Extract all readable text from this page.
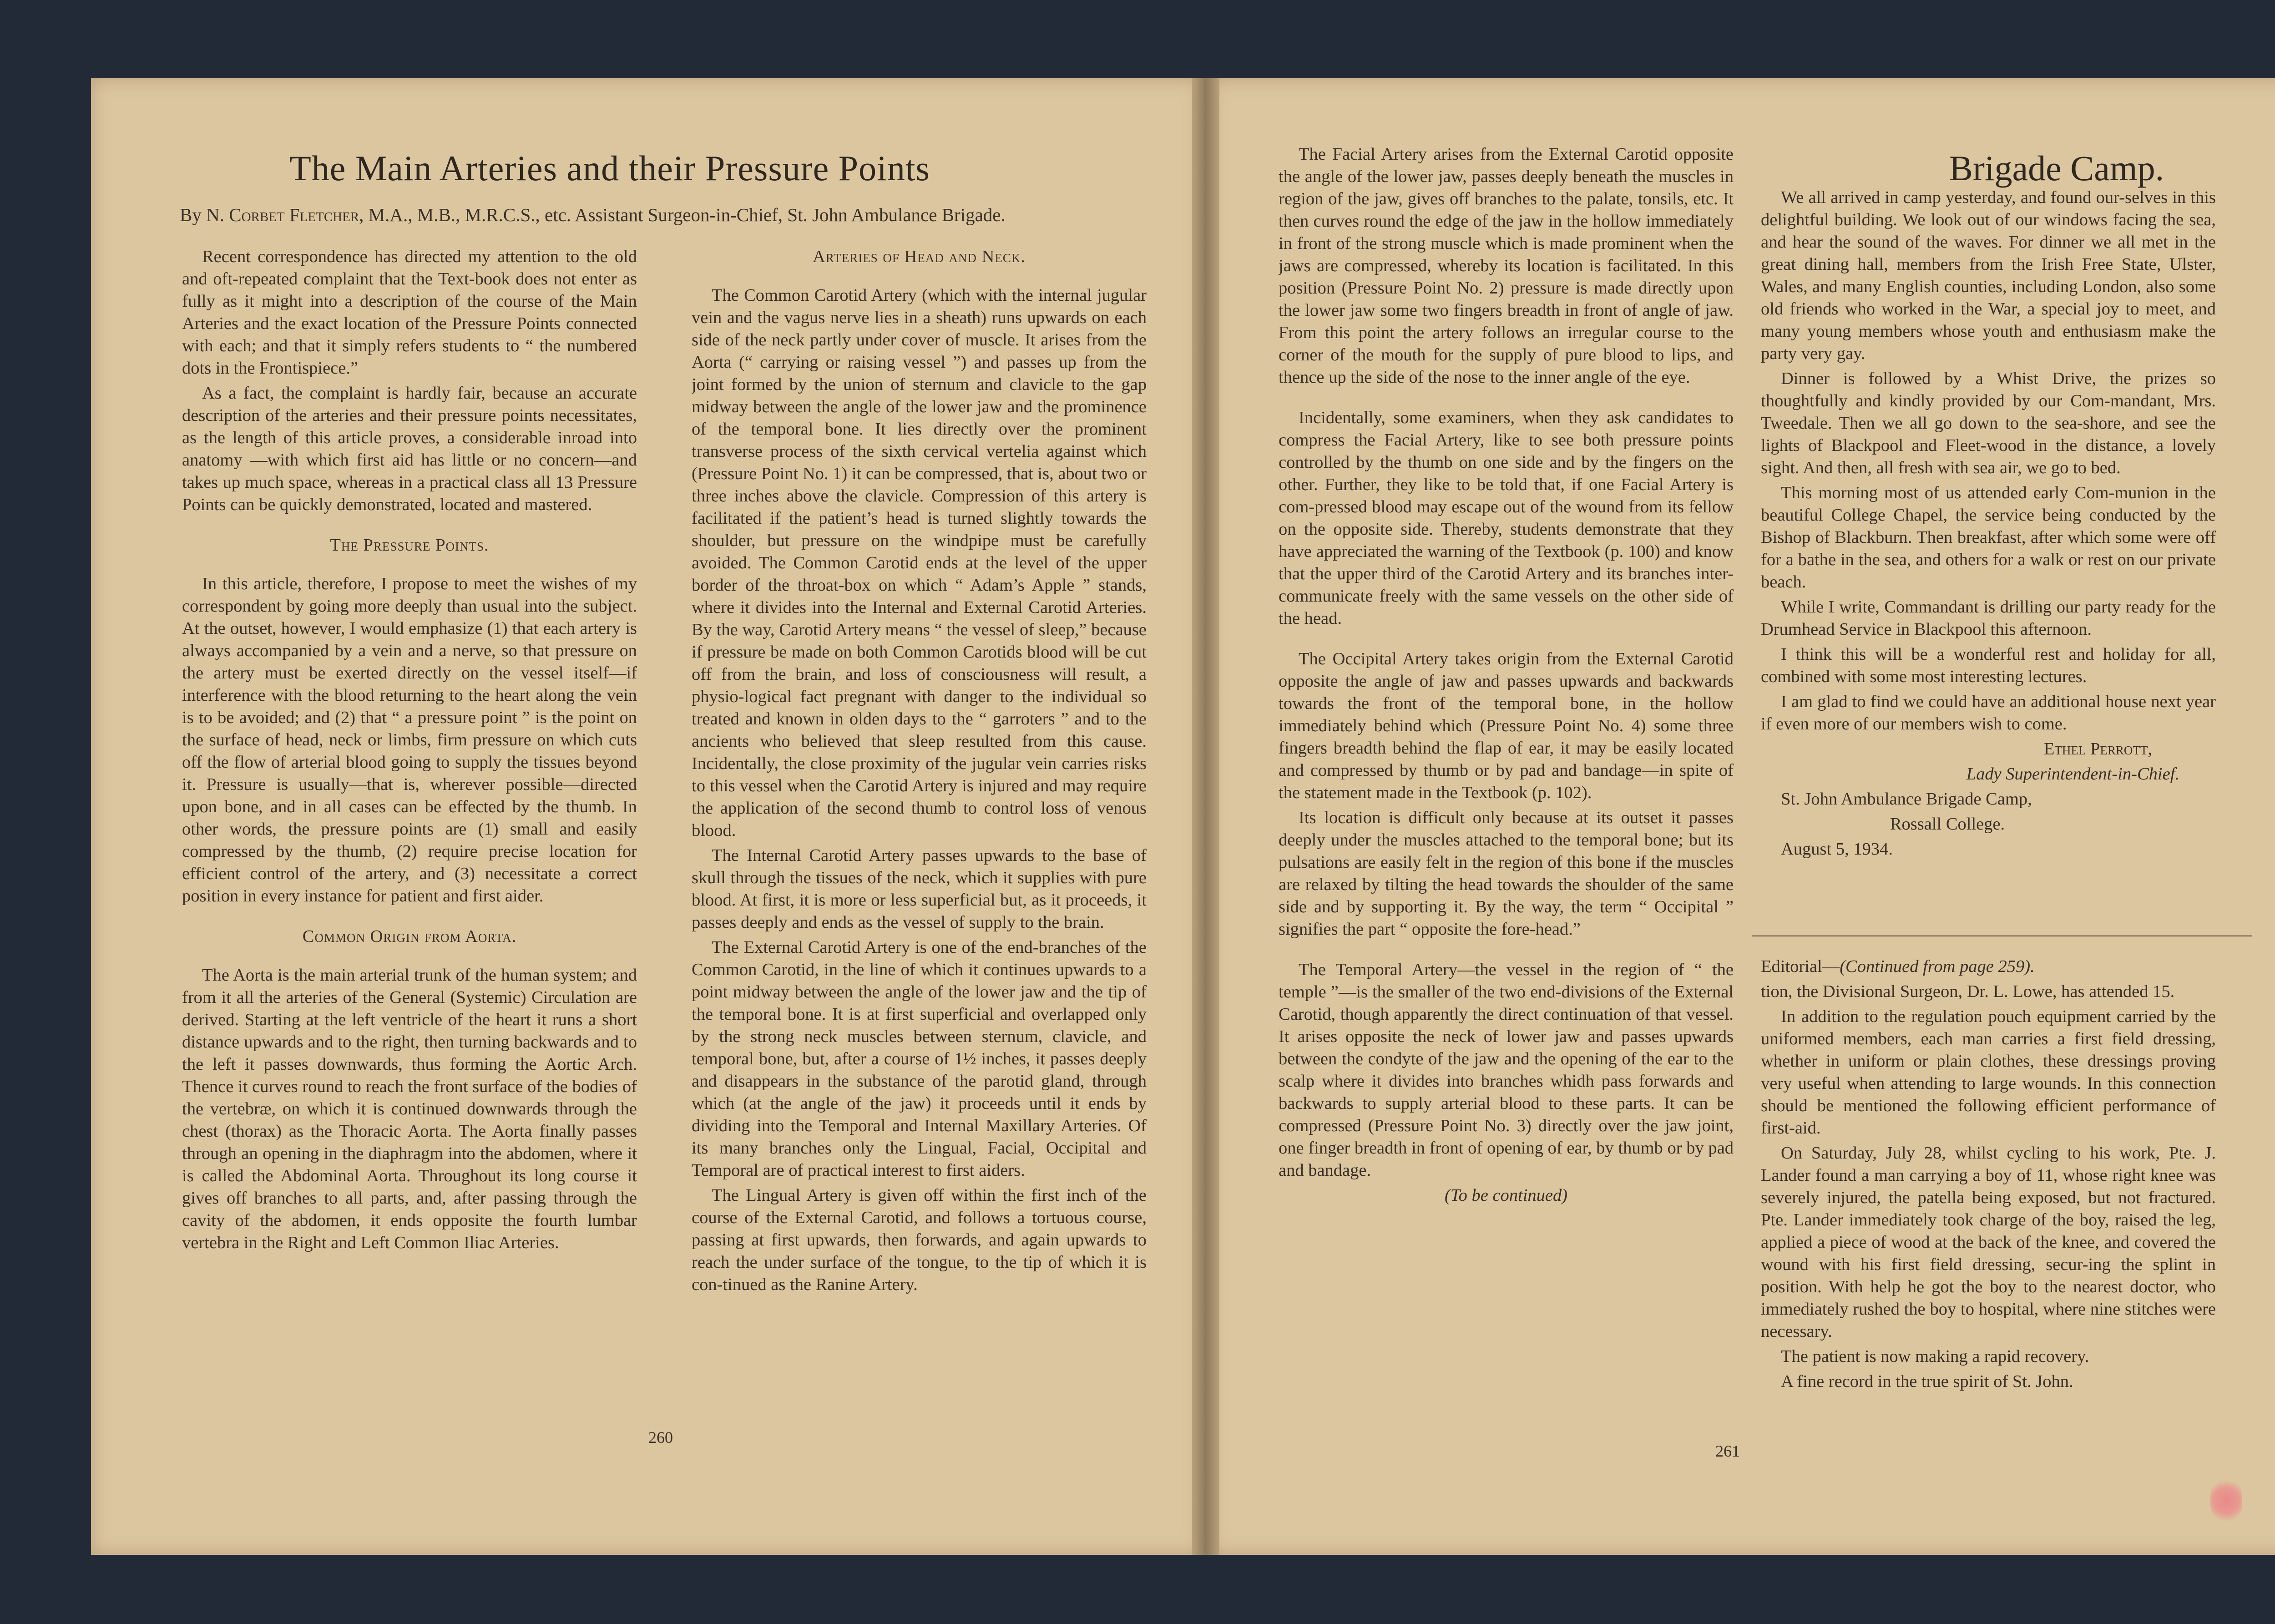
The Main Arteries and their Pressure Points
By N. Corbet Fletcher, M.A., M.B., M.R.C.S., etc. Assistant Surgeon-in-Chief, St. John Ambulance Brigade.

Recent correspondence has directed my attention to the old and oft-repeated complaint that the Text-book does not enter as fully as it might into a description of the course of the Main Arteries and the exact location of the Pressure Points connected with each; and that it simply refers students to “ the numbered dots in the Frontispiece.”

As a fact, the complaint is hardly fair, because an accurate description of the arteries and their pressure points necessitates, as the length of this article proves, a considerable inroad into anatomy —with which first aid has little or no concern—and takes up much space, whereas in a practical class all 13 Pressure Points can be quickly demonstrated, located and mastered.

The Pressure Points.

In this article, therefore, I propose to meet the wishes of my correspondent by going more deeply than usual into the subject. At the outset, however, I would emphasize (1) that each artery is always accompanied by a vein and a nerve, so that pressure on the artery must be exerted directly on the vessel itself—if interference with the blood returning to the heart along the vein is to be avoided; and (2) that “ a pressure point ” is the point on the surface of head, neck or limbs, firm pressure on which cuts off the flow of arterial blood going to supply the tissues beyond it. Pressure is usually—that is, wherever possible—directed upon bone, and in all cases can be effected by the thumb. In other words, the pressure points are (1) small and easily compressed by the thumb, (2) require precise location for efficient control of the artery, and (3) necessitate a correct position in every instance for patient and first aider.

Common Origin from Aorta.

The Aorta is the main arterial trunk of the human system; and from it all the arteries of the General (Systemic) Circulation are derived. Starting at the left ventricle of the heart it runs a short distance upwards and to the right, then turning backwards and to the left it passes downwards, thus forming the Aortic Arch. Thence it curves round to reach the front surface of the bodies of the vertebræ, on which it is continued downwards through the chest (thorax) as the Thoracic Aorta. The Aorta finally passes through an opening in the diaphragm into the abdomen, where it is called the Abdominal Aorta. Throughout its long course it gives off branches to all parts, and, after passing through the cavity of the abdomen, it ends opposite the fourth lumbar vertebra in the Right and Left Common Iliac Arteries.

Arteries of Head and Neck.

The Common Carotid Artery (which with the internal jugular vein and the vagus nerve lies in a sheath) runs upwards on each side of the neck partly under cover of muscle. It arises from the Aorta (“ carrying or raising vessel ”) and passes up from the joint formed by the union of sternum and clavicle to the gap midway between the angle of the lower jaw and the prominence of the temporal bone. It lies directly over the prominent transverse process of the sixth cervical vertelia against which (Pressure Point No. 1) it can be compressed, that is, about two or three inches above the clavicle. Compression of this artery is facilitated if the patient’s head is turned slightly towards the shoulder, but pressure on the windpipe must be carefully avoided. The Common Carotid ends at the level of the upper border of the throat-box on which “ Adam’s Apple ” stands, where it divides into the Internal and External Carotid Arteries. By the way, Carotid Artery means “ the vessel of sleep,” because if pressure be made on both Common Carotids blood will be cut off from the brain, and loss of consciousness will result, a physio-logical fact pregnant with danger to the individual so treated and known in olden days to the “ garroters ” and to the ancients who believed that sleep resulted from this cause. Incidentally, the close proximity of the jugular vein carries risks to this vessel when the Carotid Artery is injured and may require the application of the second thumb to control loss of venous blood.

The Internal Carotid Artery passes upwards to the base of skull through the tissues of the neck, which it supplies with pure blood. At first, it is more or less superficial but, as it proceeds, it passes deeply and ends as the vessel of supply to the brain.

The External Carotid Artery is one of the end-branches of the Common Carotid, in the line of which it continues upwards to a point midway between the angle of the lower jaw and the tip of the temporal bone. It is at first superficial and overlapped only by the strong neck muscles between sternum, clavicle, and temporal bone, but, after a course of 1½ inches, it passes deeply and disappears in the substance of the parotid gland, through which (at the angle of the jaw) it proceeds until it ends by dividing into the Temporal and Internal Maxillary Arteries. Of its many branches only the Lingual, Facial, Occipital and Temporal are of practical interest to first aiders.

The Lingual Artery is given off within the first inch of the course of the External Carotid, and follows a tortuous course, passing at first upwards, then forwards, and again upwards to reach the under surface of the tongue, to the tip of which it is con-tinued as the Ranine Artery.

260

The Facial Artery arises from the External Carotid opposite the angle of the lower jaw, passes deeply beneath the muscles in region of the jaw, gives off branches to the palate, tonsils, etc. It then curves round the edge of the jaw in the hollow immediately in front of the strong muscle which is made prominent when the jaws are compressed, whereby its location is facilitated. In this position (Pressure Point No. 2) pressure is made directly upon the lower jaw some two fingers breadth in front of angle of jaw. From this point the artery follows an irregular course to the corner of the mouth for the supply of pure blood to lips, and thence up the side of the nose to the inner angle of the eye.

Incidentally, some examiners, when they ask candidates to compress the Facial Artery, like to see both pressure points controlled by the thumb on one side and by the fingers on the other. Further, they like to be told that, if one Facial Artery is com-pressed blood may escape out of the wound from its fellow on the opposite side. Thereby, students demonstrate that they have appreciated the warning of the Textbook (p. 100) and know that the upper third of the Carotid Artery and its branches inter-communicate freely with the same vessels on the other side of the head.

The Occipital Artery takes origin from the External Carotid opposite the angle of jaw and passes upwards and backwards towards the front of the temporal bone, in the hollow immediately behind which (Pressure Point No. 4) some three fingers breadth behind the flap of ear, it may be easily located and compressed by thumb or by pad and bandage—in spite of the statement made in the Textbook (p. 102).

Its location is difficult only because at its outset it passes deeply under the muscles attached to the temporal bone; but its pulsations are easily felt in the region of this bone if the muscles are relaxed by tilting the head towards the shoulder of the same side and by supporting it. By the way, the term “ Occipital ” signifies the part “ opposite the fore-head.”

The Temporal Artery—the vessel in the region of “ the temple ”—is the smaller of the two end-divisions of the External Carotid, though apparently the direct continuation of that vessel. It arises opposite the neck of lower jaw and passes upwards between the condyte of the jaw and the opening of the ear to the scalp where it divides into branches whidh pass forwards and backwards to supply arterial blood to these parts. It can be compressed (Pressure Point No. 3) directly over the jaw joint, one finger breadth in front of opening of ear, by thumb or by pad and bandage.

(To be continued)

Brigade Camp.

We all arrived in camp yesterday, and found our-selves in this delightful building. We look out of our windows facing the sea, and hear the sound of the waves. For dinner we all met in the great dining hall, members from the Irish Free State, Ulster, Wales, and many English counties, including London, also some old friends who worked in the War, a special joy to meet, and many young members whose youth and enthusiasm make the party very gay.

Dinner is followed by a Whist Drive, the prizes so thoughtfully and kindly provided by our Com-mandant, Mrs. Tweedale. Then we all go down to the sea-shore, and see the lights of Blackpool and Fleet-wood in the distance, a lovely sight. And then, all fresh with sea air, we go to bed.

This morning most of us attended early Com-munion in the beautiful College Chapel, the service being conducted by the Bishop of Blackburn. Then breakfast, after which some were off for a bathe in the sea, and others for a walk or rest on our private beach.

While I write, Commandant is drilling our party ready for the Drumhead Service in Blackpool this afternoon.

I think this will be a wonderful rest and holiday for all, combined with some most interesting lectures.

I am glad to find we could have an additional house next year if even more of our members wish to come.

Ethel Perrott,

Lady Superintendent-in-Chief.

St. John Ambulance Brigade Camp,

Rossall College.

August 5, 1934.

Editorial—(Continued from page 259).

tion, the Divisional Surgeon, Dr. L. Lowe, has attended 15.

In addition to the regulation pouch equipment carried by the uniformed members, each man carries a first field dressing, whether in uniform or plain clothes, these dressings proving very useful when attending to large wounds. In this connection should be mentioned the following efficient performance of first-aid.

On Saturday, July 28, whilst cycling to his work, Pte. J. Lander found a man carrying a boy of 11, whose right knee was severely injured, the patella being exposed, but not fractured. Pte. Lander immediately took charge of the boy, raised the leg, applied a piece of wood at the back of the knee, and covered the wound with his first field dressing, secur-ing the splint in position. With help he got the boy to the nearest doctor, who immediately rushed the boy to hospital, where nine stitches were necessary.

The patient is now making a rapid recovery.

A fine record in the true spirit of St. John.

261
